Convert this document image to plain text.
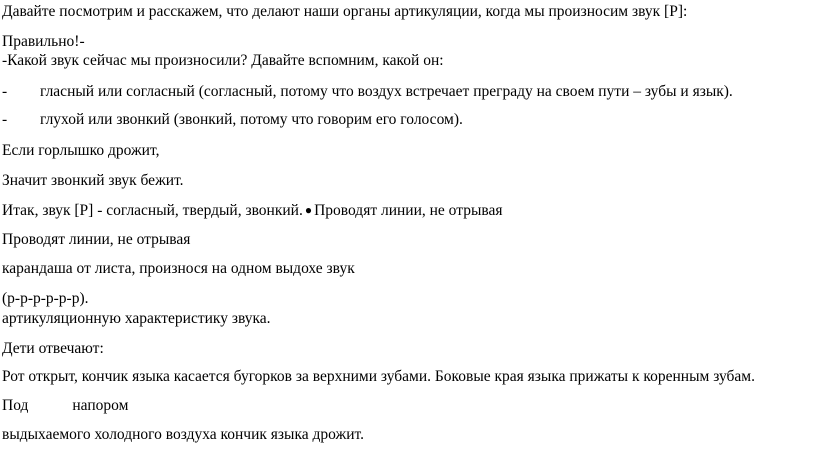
Давайте посмотрим и расскажем, что делают наши органы артикуляции, когда мы произносим звук [Р]:
Правильно!-
-Какой звук сейчас мы произносили? Давайте вспомним, какой он:
- гласный или согласный (согласный, потому что воздух встречает преграду на своем пути – зубы и язык).
- глухой или звонкий (звонкий, потому что говорим его голосом).
Если горлышко дрожит,
Значит звонкий звук бежит.
Итак, звук [Р] - согласный, твердый, звонкий. ● Проводят линии, не отрывая
Проводят линии, не отрывая
карандаша от листа, произнося на одном выдохе звук
(р-р-р-р-р-р).
артикуляционную характеристику звука.
Дети отвечают:
Рот открыт, кончик языка касается бугорков за верхними зубами. Боковые края языка прижаты к коренным зубам.
Под	напором
выдыхаемого холодного воздуха кончик языка дрожит.
